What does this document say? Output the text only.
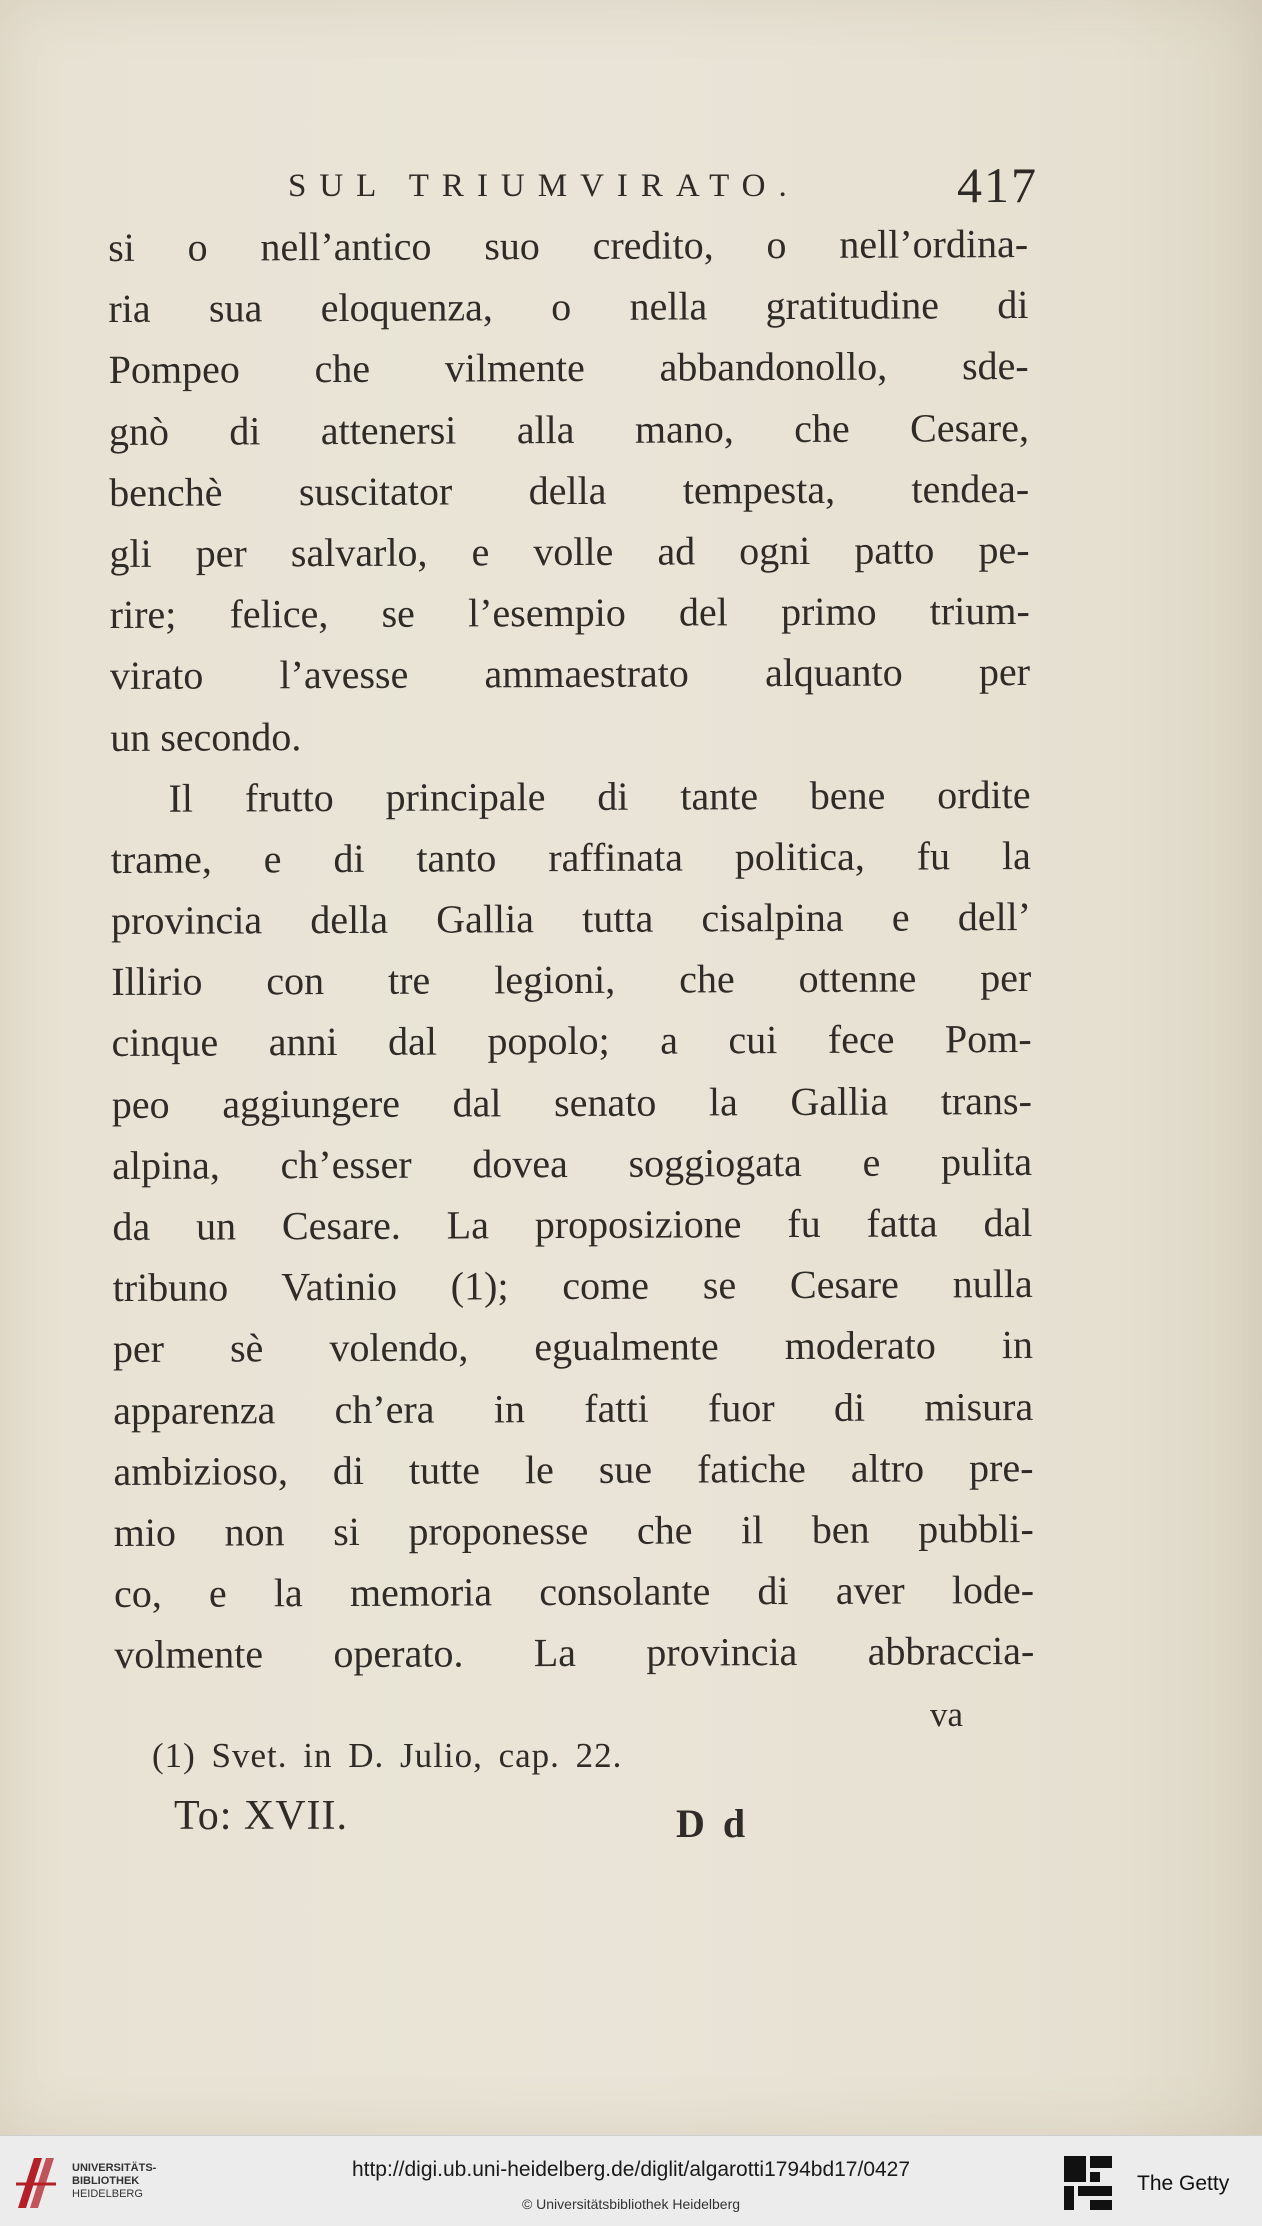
SUL TRIUMVIRATO.	417
si o nell’antico suo credito, o nell’ordina-
ria sua eloquenza, o nella gratitudine di
Pompeo che vilmente abbandonollo, sde-
gnò di attenersi alla mano, che Cesare,
benchè suscitator della tempesta, tendea-
gli per salvarlo, e volle ad ogni patto pe-
rire; felice, se l’esempio del primo trium-
virato l’avesse ammaestrato alquanto per
un secondo.
Il frutto principale di tante bene ordite
trame, e di tanto raffinata politica, fu la
provincia della Gallia tutta cisalpina e dell’
Illirio con tre legioni, che ottenne per
cinque anni dal popolo; a cui fece Pom-
peo aggiungere dal senato la Gallia trans-
alpina, ch’esser dovea soggiogata e pulita
da un Cesare. La proposizione fu fatta dal
tribuno Vatinio (1); come se Cesare nulla
per sè volendo, egualmente moderato in
apparenza ch’era in fatti fuor di misura
ambizioso, di tutte le sue fatiche altro pre-
mio non si proponesse che il ben pubbli-
co, e la memoria consolante di aver lode-
volmente operato. La provincia abbraccia-
va
(1) Svet. in D. Julio, cap. 22.
To: XVII.	D d
UNIVERSITÄTS-
BIBLIOTHEK
HEIDELBERG
http://digi.ub.uni-heidelberg.de/diglit/algarotti1794bd17/0427
© Universitätsbibliothek Heidelberg
The Getty
